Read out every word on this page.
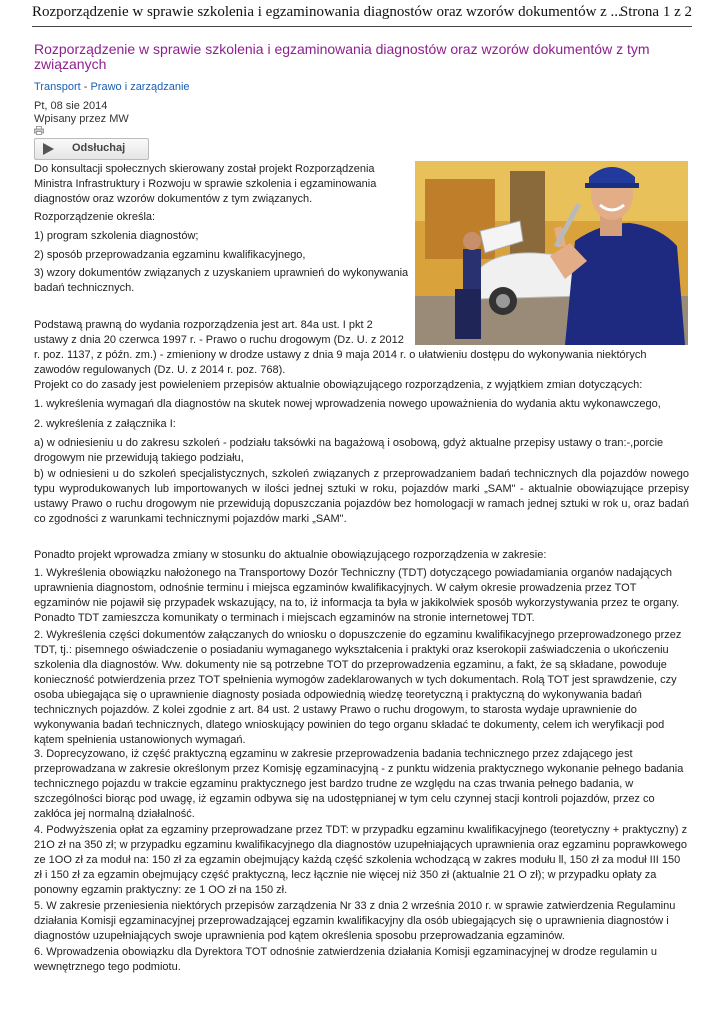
Rozporządzenie w sprawie szkolenia i egzaminowania diagnostów oraz wzorów dokumentów z ...
Strona 1 z 2
Rozporządzenie w sprawie szkolenia i egzaminowania diagnostów oraz wzorów dokumentów z tym związanych
Transport - Prawo i zarządzanie
Pt, 08 sie 2014
Wpisany przez MW
Odsłuchaj

Do konsultacji społecznych skierowany został projekt Rozporządzenia Ministra Infrastruktury i Rozwoju w sprawie szkolenia i egzaminowania diagnostów oraz wzorów dokumentów z tym związanych.

Rozporządzenie określa:

1) program szkolenia diagnostów;

2) sposób przeprowadzania egzaminu kwalifikacyjnego,

3) wzory dokumentów związanych z uzyskaniem uprawnień do wykonywania badań technicznych.

Podstawą prawną do wydania rozporządzenia jest art. 84a ust. I pkt 2 ustawy z dnia 20 czerwca 1997 r. - Prawo o ruchu drogowym (Dz. U. z 2012 r. poz. 1137, z późn. zm.) - zmieniony w drodze ustawy z dnia 9 maja 2014 r. o ułatwieniu dostępu do wykonywania niektórych zawodów regulowanych (Dz. U. z 2014 r. poz. 768).

Projekt co do zasady jest powieleniem przepisów aktualnie obowiązującego rozporządzenia, z wyjątkiem zmian dotyczących:

1. wykreślenia wymagań dla diagnostów na skutek nowej wprowadzenia nowego upoważnienia do wydania aktu wykonawczego,

2. wykreślenia z załącznika I:

a) w odniesieniu u do zakresu szkoleń - podziału taksówki na bagażową i osobową, gdyż aktualne przepisy ustawy o tran:-,porcie drogowym nie przewidują takiego podziału,

b) w odniesieni u do szkoleń specjalistycznych, szkoleń związanych z przeprowadzaniem badań technicznych dla pojazdów nowego typu wyprodukowanych lub importowanych w ilości jednej sztuki w roku, pojazdów marki „SAM" - aktualnie obowiązujące przepisy ustawy Prawo o ruchu drogowym nie przewidują dopuszczania pojazdów bez homologacji w ramach jednej sztuki w rok u, oraz badań co zgodności z warunkami technicznymi pojazdów marki „SAM".

Ponadto projekt wprowadza zmiany w stosunku do aktualnie obowiązującego rozporządzenia w zakresie:

1. Wykreślenia obowiązku nałożonego na Transportowy Dozór Techniczny (TDT) dotyczącego powiadamiania organów nadających uprawnienia diagnostom, odnośnie terminu i miejsca egzaminów kwalifikacyjnych. W całym okresie prowadzenia przez TOT egzaminów nie pojawił się przypadek wskazujący, na to, iż informacja ta była w jakikolwiek sposób wykorzystywania przez te organy. Ponadto TDT zamieszcza komunikaty o terminach i miejscach egzaminów na stronie internetowej TDT.

2. Wykreślenia części dokumentów załączanych do wniosku o dopuszczenie do egzaminu kwalifikacyjnego przeprowadzonego przez TDT, tj.: pisemnego oświadczenie o posiadaniu wymaganego wykształcenia i praktyki oraz kserokopii zaświadczenia o ukończeniu szkolenia dla diagnostów. Ww. dokumenty nie są potrzebne TOT do przeprowadzenia egzaminu, a fakt, że są składane, powoduje konieczność potwierdzenia przez TOT spełnienia wymogów zadeklarowanych w tych dokumentach. Rolą TOT jest sprawdzenie, czy osoba ubiegająca się o uprawnienie diagnosty posiada odpowiednią wiedzę teoretyczną i praktyczną do wykonywania badań technicznych pojazdów. Z kolei zgodnie z art. 84 ust. 2 ustawy Prawo o ruchu drogowym, to starosta wydaje uprawnienie do wykonywania badań technicznych, dlatego wnioskujący powinien do tego organu składać te dokumenty, celem ich weryfikacji pod kątem spełnienia ustanowionych wymagań.

3. Doprecyzowano, iż część praktyczną egzaminu w zakresie przeprowadzenia badania technicznego przez zdającego jest przeprowadzana w zakresie określonym przez Komisję egzaminacyjną - z punktu widzenia praktycznego wykonanie pełnego badania technicznego pojazdu w trakcie egzaminu praktycznego jest bardzo trudne ze względu na czas trwania pełnego badania, w szczególności biorąc pod uwagę, iż egzamin odbywa się na udostępnianej w tym celu czynnej stacji kontroli pojazdów, przez co zakłóca jej normalną działalność.

4. Podwyższenia opłat za egzaminy przeprowadzane przez TDT: w przypadku egzaminu kwalifikacyjnego (teoretyczny + praktyczny) z 21O zł na 350 zł; w przypadku egzaminu kwalifikacyjnego dla diagnostów uzupełniających uprawnienia oraz egzaminu poprawkowego ze 1OO zł za moduł na: 150 zł za egzamin obejmujący każdą część szkolenia wchodzącą w zakres modułu ll, 150 zł za moduł III 150 zł i 150 zł za egzamin obejmujący część praktyczną, lecz łącznie nie więcej niż 350 zł (aktualnie 21 O zł); w przypadku opłaty za ponowny egzamin praktyczny: ze 1 OO zł na 150 zł.

5. W zakresie przeniesienia niektórych przepisów zarządzenia Nr 33 z dnia 2 września 2010 r. w sprawie zatwierdzenia Regulaminu działania Komisji egzaminacyjnej przeprowadzającej egzamin kwalifikacyjny dla osób ubiegających się o uprawnienia diagnostów i diagnostów uzupełniających swoje uprawnienia pod kątem określenia sposobu przeprowadzania egzaminów.

6. Wprowadzenia obowiązku dla Dyrektora TOT odnośnie zatwierdzenia działania Komisji egzaminacyjnej w drodze regulamin u wewnętrznego tego podmiotu.
